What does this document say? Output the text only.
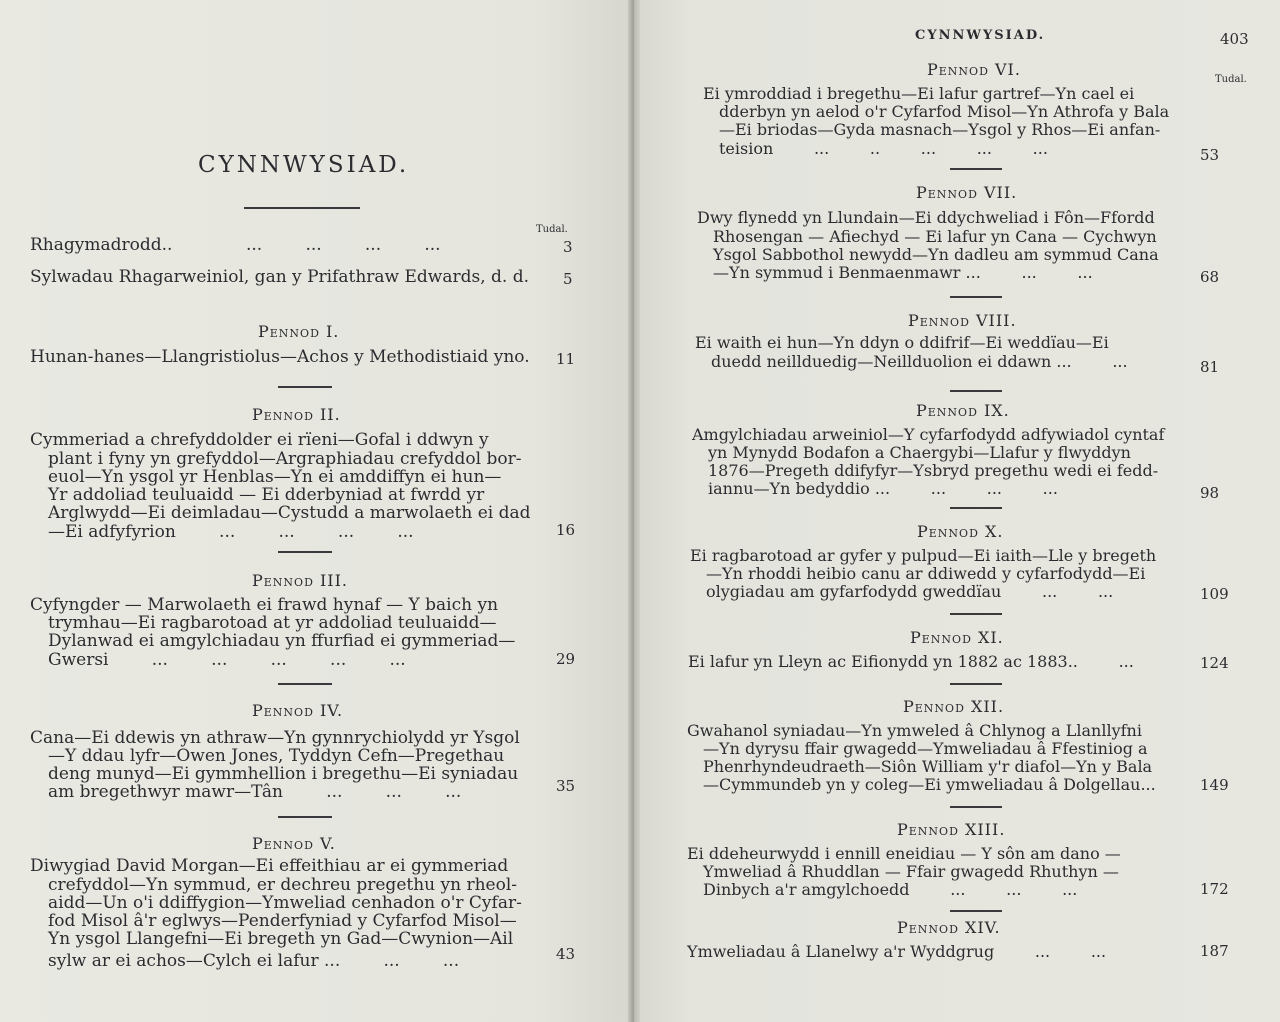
CYNNWYSIAD.
Tudal.
Rhagymadrodd..	...        ...        ...        ...	3
Sylwadau Rhagarweiniol, gan y Prifathraw Edwards, d. d. 5
Pennod I.
Hunan-hanes—Llangristiolus—Achos y Methodistiaid yno. 11
Pennod II.
Cymmeriad a chrefyddolder ei rïeni—Gofal i ddwyn y
plant i fyny yn grefyddol—Argraphiadau crefyddol bor-
euol—Yn ysgol yr Henblas—Yn ei amddiffyn ei hun—
Yr addoliad teuluaidd — Ei dderbyniad at fwrdd yr
Arglwydd—Ei deimladau—Cystudd a marwolaeth ei dad
—Ei adfyfyrion        ...        ...        ...        ...	16
Pennod III.
Cyfyngder — Marwolaeth ei frawd hynaf — Y baich yn
trymhau—Ei ragbarotoad at yr addoliad teuluaidd—
Dylanwad ei amgylchiadau yn ffurfiad ei gymmeriad—
Gwersi        ...        ...        ...        ...        ...	29
Pennod IV.
Cana—Ei ddewis yn athraw—Yn gynnrychiolydd yr Ysgol
—Y ddau lyfr—Owen Jones, Tyddyn Cefn—Pregethau
deng munyd—Ei gymmhellion i bregethu—Ei syniadau
am bregethwyr mawr—Tân        ...        ...        ...	35
Pennod V.
Diwygiad David Morgan—Ei effeithiau ar ei gymmeriad
crefyddol—Yn symmud, er dechreu pregethu yn rheol-
aidd—Un o'i ddiffygion—Ymweliad cenhadon o'r Cyfar-
fod Misol â'r eglwys—Penderfyniad y Cyfarfod Misol—
Yn ysgol Llangefni—Ei bregeth yn Gad—Cwynion—Ail
sylw ar ei achos—Cylch ei lafur ...        ...        ...	43
Pennod VI.
Ei ymroddiad i bregethu—Ei lafur gartref—Yn cael ei
dderbyn yn aelod o'r Cyfarfod Misol—Yn Athrofa y Bala
—Ei briodas—Gyda masnach—Ysgol y Rhos—Ei anfan-
teision        ...        ..        ...        ...        ...	53
Pennod VII.
Dwy flynedd yn Llundain—Ei ddychweliad i Fôn—Ffordd
Rhosengan — Afiechyd — Ei lafur yn Cana — Cychwyn
Ysgol Sabbothol newydd—Yn dadleu am symmud Cana
—Yn symmud i Benmaenmawr ...        ...        ...	68
Pennod VIII.
Ei waith ei hun—Yn ddyn o ddifrif—Ei weddïau—Ei
duedd neillduedig—Neillduolion ei ddawn ...        ...	81
Pennod IX.
Amgylchiadau arweiniol—Y cyfarfodydd adfywiadol cyntaf
yn Mynydd Bodafon a Chaergybi—Llafur y flwyddyn
1876—Pregeth ddifyfyr—Ysbryd pregethu wedi ei fedd-
iannu—Yn bedyddio ...        ...        ...        ...	98
Pennod X.
Ei ragbarotoad ar gyfer y pulpud—Ei iaith—Lle y bregeth
—Yn rhoddi heibio canu ar ddiwedd y cyfarfodydd—Ei
olygiadau am gyfarfodydd gweddïau        ...        ...	109
Pennod XI.
Ei lafur yn Lleyn ac Eifionydd yn 1882 ac 1883..        ...	124
Pennod XII.
Gwahanol syniadau—Yn ymweled â Chlynog a Llanllyfni
—Yn dyrysu ffair gwagedd—Ymweliadau â Ffestiniog a
Phenrhyndeudraeth—Siôn William y'r diafol—Yn y Bala
—Cymmundeb yn y coleg—Ei ymweliadau â Dolgellau...	149
Pennod XIII.
Ei ddeheurwydd i ennill eneidiau — Y sôn am dano —
Ymweliad â Rhuddlan — Ffair gwagedd Rhuthyn —
Dinbych a'r amgylchoedd        ...        ...        ...	172
Pennod XIV.
Ymweliadau â Llanelwy a'r Wyddgrug        ...        ...	187
CYNNWYSIAD.	403
Tudal.
